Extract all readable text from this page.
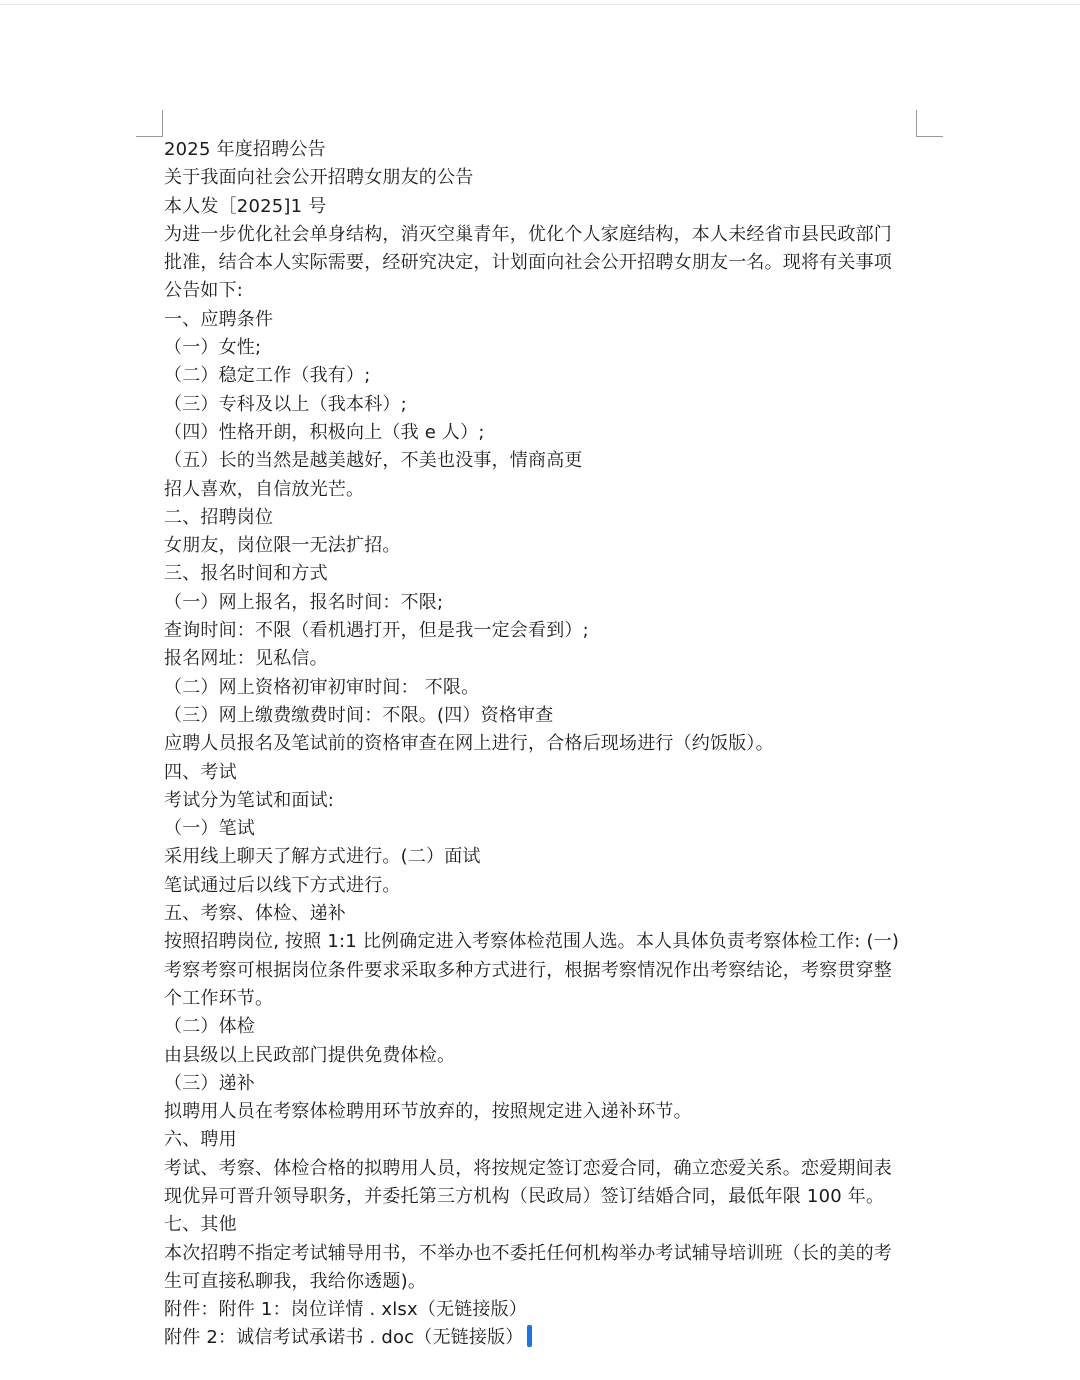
2025 年度招聘公告
关于我面向社会公开招聘女朋友的公告
本人发［2025]1 号
为进一步优化社会单身结构，消灭空巢青年，优化个人家庭结构，本人未经省市县民政部门
批准，结合本人实际需要，经研究决定，计划面向社会公开招聘女朋友一名。现将有关事项
公告如下:
一、应聘条件
（一）女性;
（二）稳定工作（我有）;
（三）专科及以上（我本科）;
（四）性格开朗，积极向上（我 e 人）;
（五）长的当然是越美越好，不美也没事，情商高更
招人喜欢，自信放光芒。
二、招聘岗位
女朋友，岗位限一无法扩招。
三、报名时间和方式
（一）网上报名，报名时间：不限;
查询时间：不限（看机遇打开，但是我一定会看到）;
报名网址：见私信。
（二）网上资格初审初审时间： 不限。
（三）网上缴费缴费时间：不限。(四）资格审查
应聘人员报名及笔试前的资格审查在网上进行，合格后现场进行（约饭版）。
四、考试
考试分为笔试和面试:
（一）笔试
采用线上聊天了解方式进行。(二）面试
笔试通过后以线下方式进行。
五、考察、体检、递补
按照招聘岗位, 按照 1:1 比例确定进入考察体检范围人选。本人具体负责考察体检工作: (一)
考察考察可根据岗位条件要求采取多种方式进行，根据考察情况作出考察结论，考察贯穿整
个工作环节。
（二）体检
由县级以上民政部门提供免费体检。
（三）递补
拟聘用人员在考察体检聘用环节放弃的，按照规定进入递补环节。
六、聘用
考试、考察、体检合格的拟聘用人员，将按规定签订恋爱合同，确立恋爱关系。恋爱期间表
现优异可晋升领导职务，并委托第三方机构（民政局）签订结婚合同，最低年限 100 年。
七、其他
本次招聘不指定考试辅导用书，不举办也不委托任何机构举办考试辅导培训班（长的美的考
生可直接私聊我，我给你透题)。
附件：附件 1：岗位详情 . xlsx（无链接版）
附件 2：诚信考试承诺书 . doc（无链接版）
